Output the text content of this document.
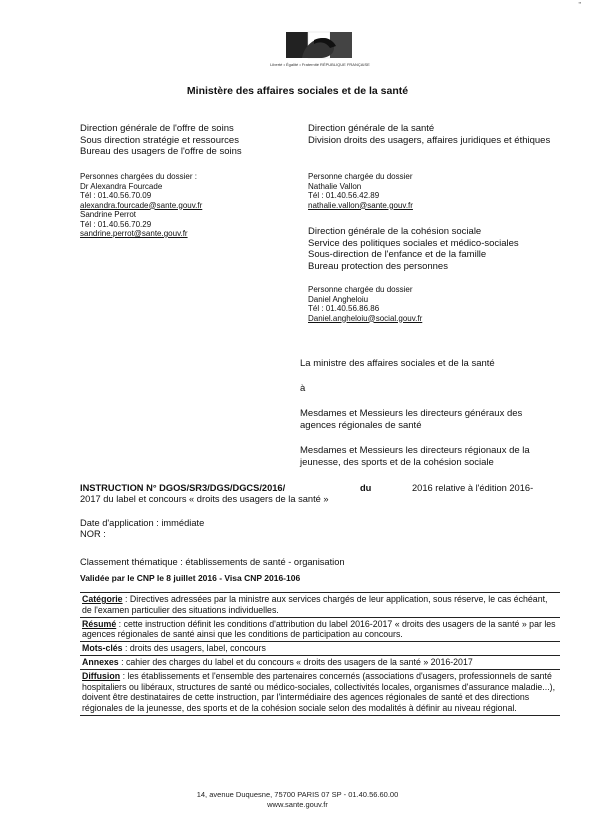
"
Liberté • Égalité • Fraternité RÉPUBLIQUE FRANÇAISE
Ministère des affaires sociales et de la santé
Direction générale de l'offre de soins
Sous direction stratégie et ressources
Bureau des usagers de l'offre de soins
Personnes chargées du dossier :
Dr Alexandra Fourcade
Tél : 01.40.56.70.09
alexandra.fourcade@sante.gouv.fr
Sandrine Perrot
Tél : 01.40.56.70.29
sandrine.perrot@sante.gouv.fr
Direction générale de la santé
Division droits des usagers, affaires juridiques et éthiques
Personne chargée du dossier
Nathalie Vallon
Tél : 01.40.56.42.89
nathalie.vallon@sante.gouv.fr
Direction générale de la cohésion sociale
Service des politiques sociales et médico-sociales
Sous-direction de l'enfance et de la famille
Bureau protection des personnes
Personne chargée du dossier
Daniel Angheloiu
Tél : 01.40.56.86.86
Daniel.angheloiu@social.gouv.fr
La ministre des affaires sociales et de la santé
à
Mesdames et Messieurs les directeurs généraux des agences régionales de santé
Mesdames et Messieurs les directeurs régionaux de la jeunesse, des sports et de la cohésion sociale
INSTRUCTION N° DGOS/SR3/DGS/DGCS/2016/	du	2016 relative à l'édition 2016-
2017 du label et concours « droits des usagers de la santé »
Date d'application : immédiate
NOR :
Classement thématique : établissements de santé - organisation
Validée par le CNP le 8 juillet 2016 - Visa CNP 2016-106
Catégorie : Directives adressées par la ministre aux services chargés de leur application, sous réserve, le cas échéant, de l'examen particulier des situations individuelles.
Résumé : cette instruction définit les conditions d'attribution du label 2016-2017 « droits des usagers de la santé » par les agences régionales de santé ainsi que les conditions de participation au concours.
Mots-clés : droits des usagers, label, concours
Annexes : cahier des charges du label et du concours « droits des usagers de la santé » 2016-2017
Diffusion : les établissements et l'ensemble des partenaires concernés (associations d'usagers, professionnels de santé hospitaliers ou libéraux, structures de santé ou médico-sociales, collectivités locales, organismes d'assurance maladie...), doivent être destinataires de cette instruction, par l'intermédiaire des agences régionales de santé et des directions régionales de la jeunesse, des sports et de la cohésion sociale selon des modalités à définir au niveau régional.
14, avenue Duquesne, 75700 PARIS 07 SP - 01.40.56.60.00
www.sante.gouv.fr
